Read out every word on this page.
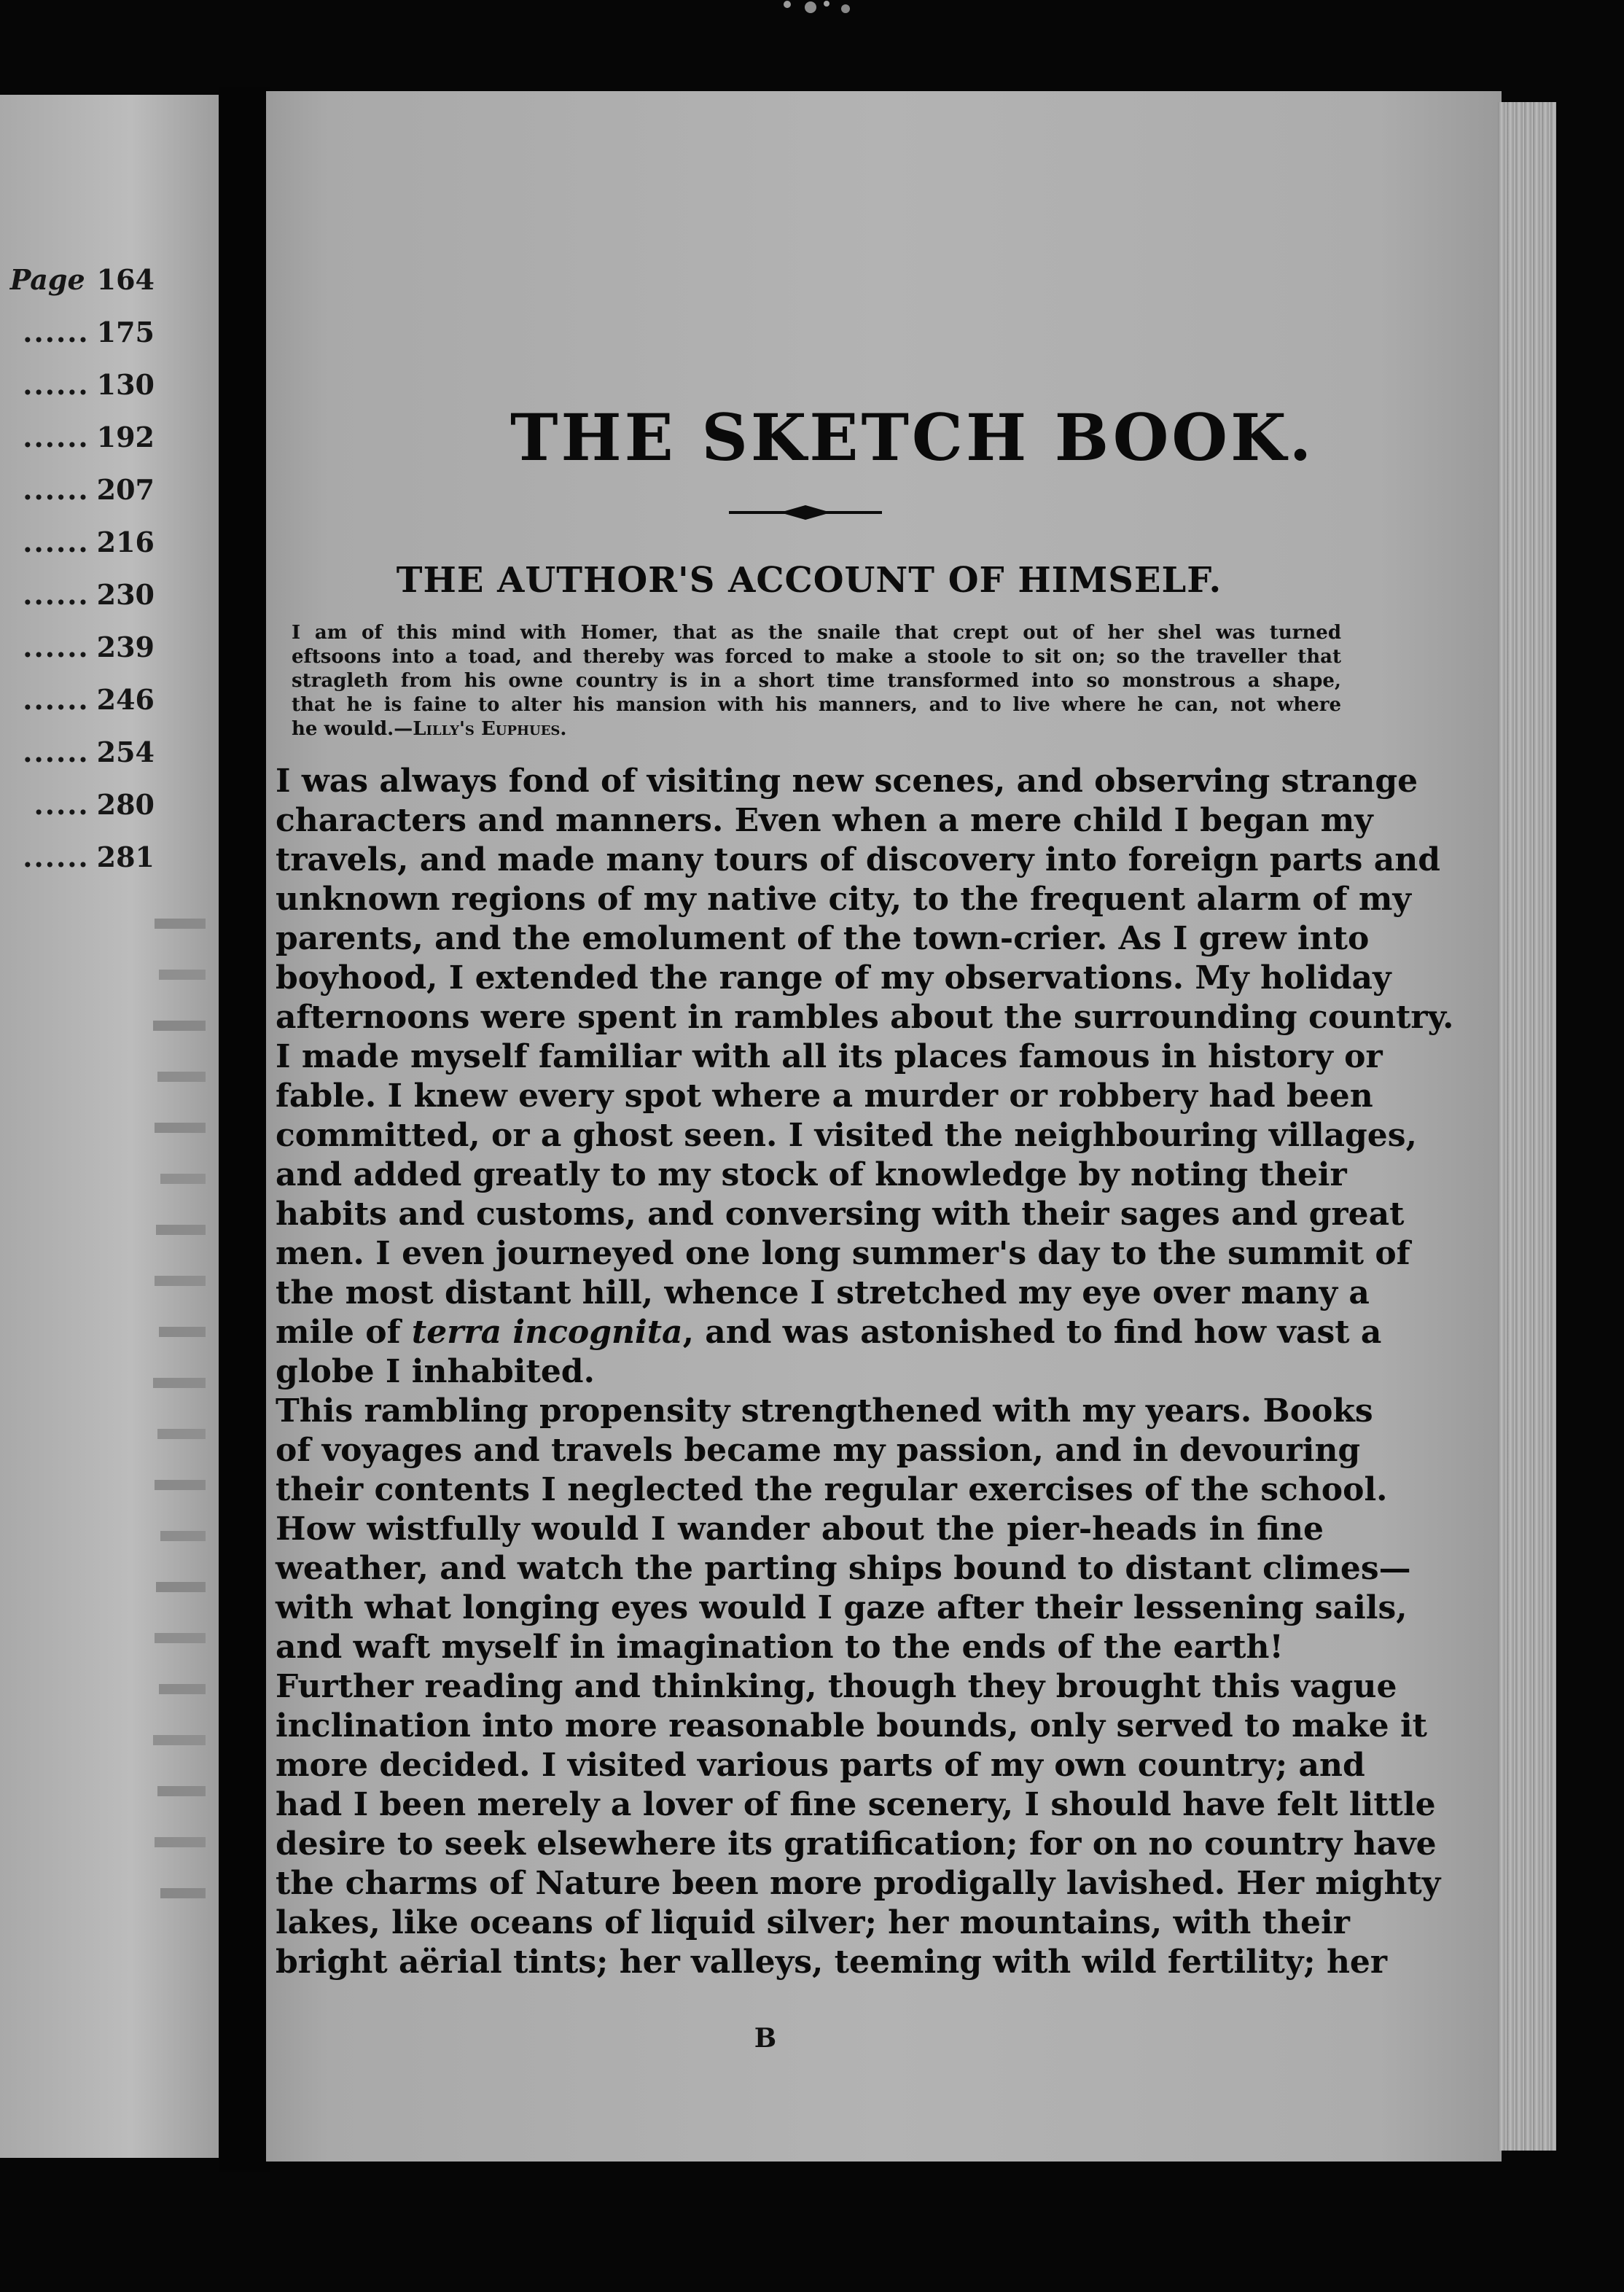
Page 164
...... 175
...... 130
...... 192
...... 207
...... 216
...... 230
...... 239
...... 246
...... 254
..... 280
...... 281
THE SKETCH BOOK.
THE AUTHOR'S ACCOUNT OF HIMSELF.
I am of this mind with Homer, that as the snaile that crept out of her shel was turned
eftsoons into a toad, and thereby was forced to make a stoole to sit on; so the traveller that
stragleth from his owne country is in a short time transformed into so monstrous a shape,
that he is faine to alter his mansion with his manners, and to live where he can, not where
he would.—Lilly's Euphues.
I was always fond of visiting new scenes, and observing strange
characters and manners. Even when a mere child I began my
travels, and made many tours of discovery into foreign parts and
unknown regions of my native city, to the frequent alarm of my
parents, and the emolument of the town-crier. As I grew into
boyhood, I extended the range of my observations. My holiday
afternoons were spent in rambles about the surrounding country.
I made myself familiar with all its places famous in history or
fable. I knew every spot where a murder or robbery had been
committed, or a ghost seen. I visited the neighbouring villages,
and added greatly to my stock of knowledge by noting their
habits and customs, and conversing with their sages and great
men. I even journeyed one long summer's day to the summit of
the most distant hill, whence I stretched my eye over many a
mile of terra incognita, and was astonished to find how vast a
globe I inhabited.
This rambling propensity strengthened with my years. Books
of voyages and travels became my passion, and in devouring
their contents I neglected the regular exercises of the school.
How wistfully would I wander about the pier-heads in fine
weather, and watch the parting ships bound to distant climes—
with what longing eyes would I gaze after their lessening sails,
and waft myself in imagination to the ends of the earth!
Further reading and thinking, though they brought this vague
inclination into more reasonable bounds, only served to make it
more decided. I visited various parts of my own country; and
had I been merely a lover of fine scenery, I should have felt little
desire to seek elsewhere its gratification; for on no country have
the charms of Nature been more prodigally lavished. Her mighty
lakes, like oceans of liquid silver; her mountains, with their
bright aërial tints; her valleys, teeming with wild fertility; her
B
